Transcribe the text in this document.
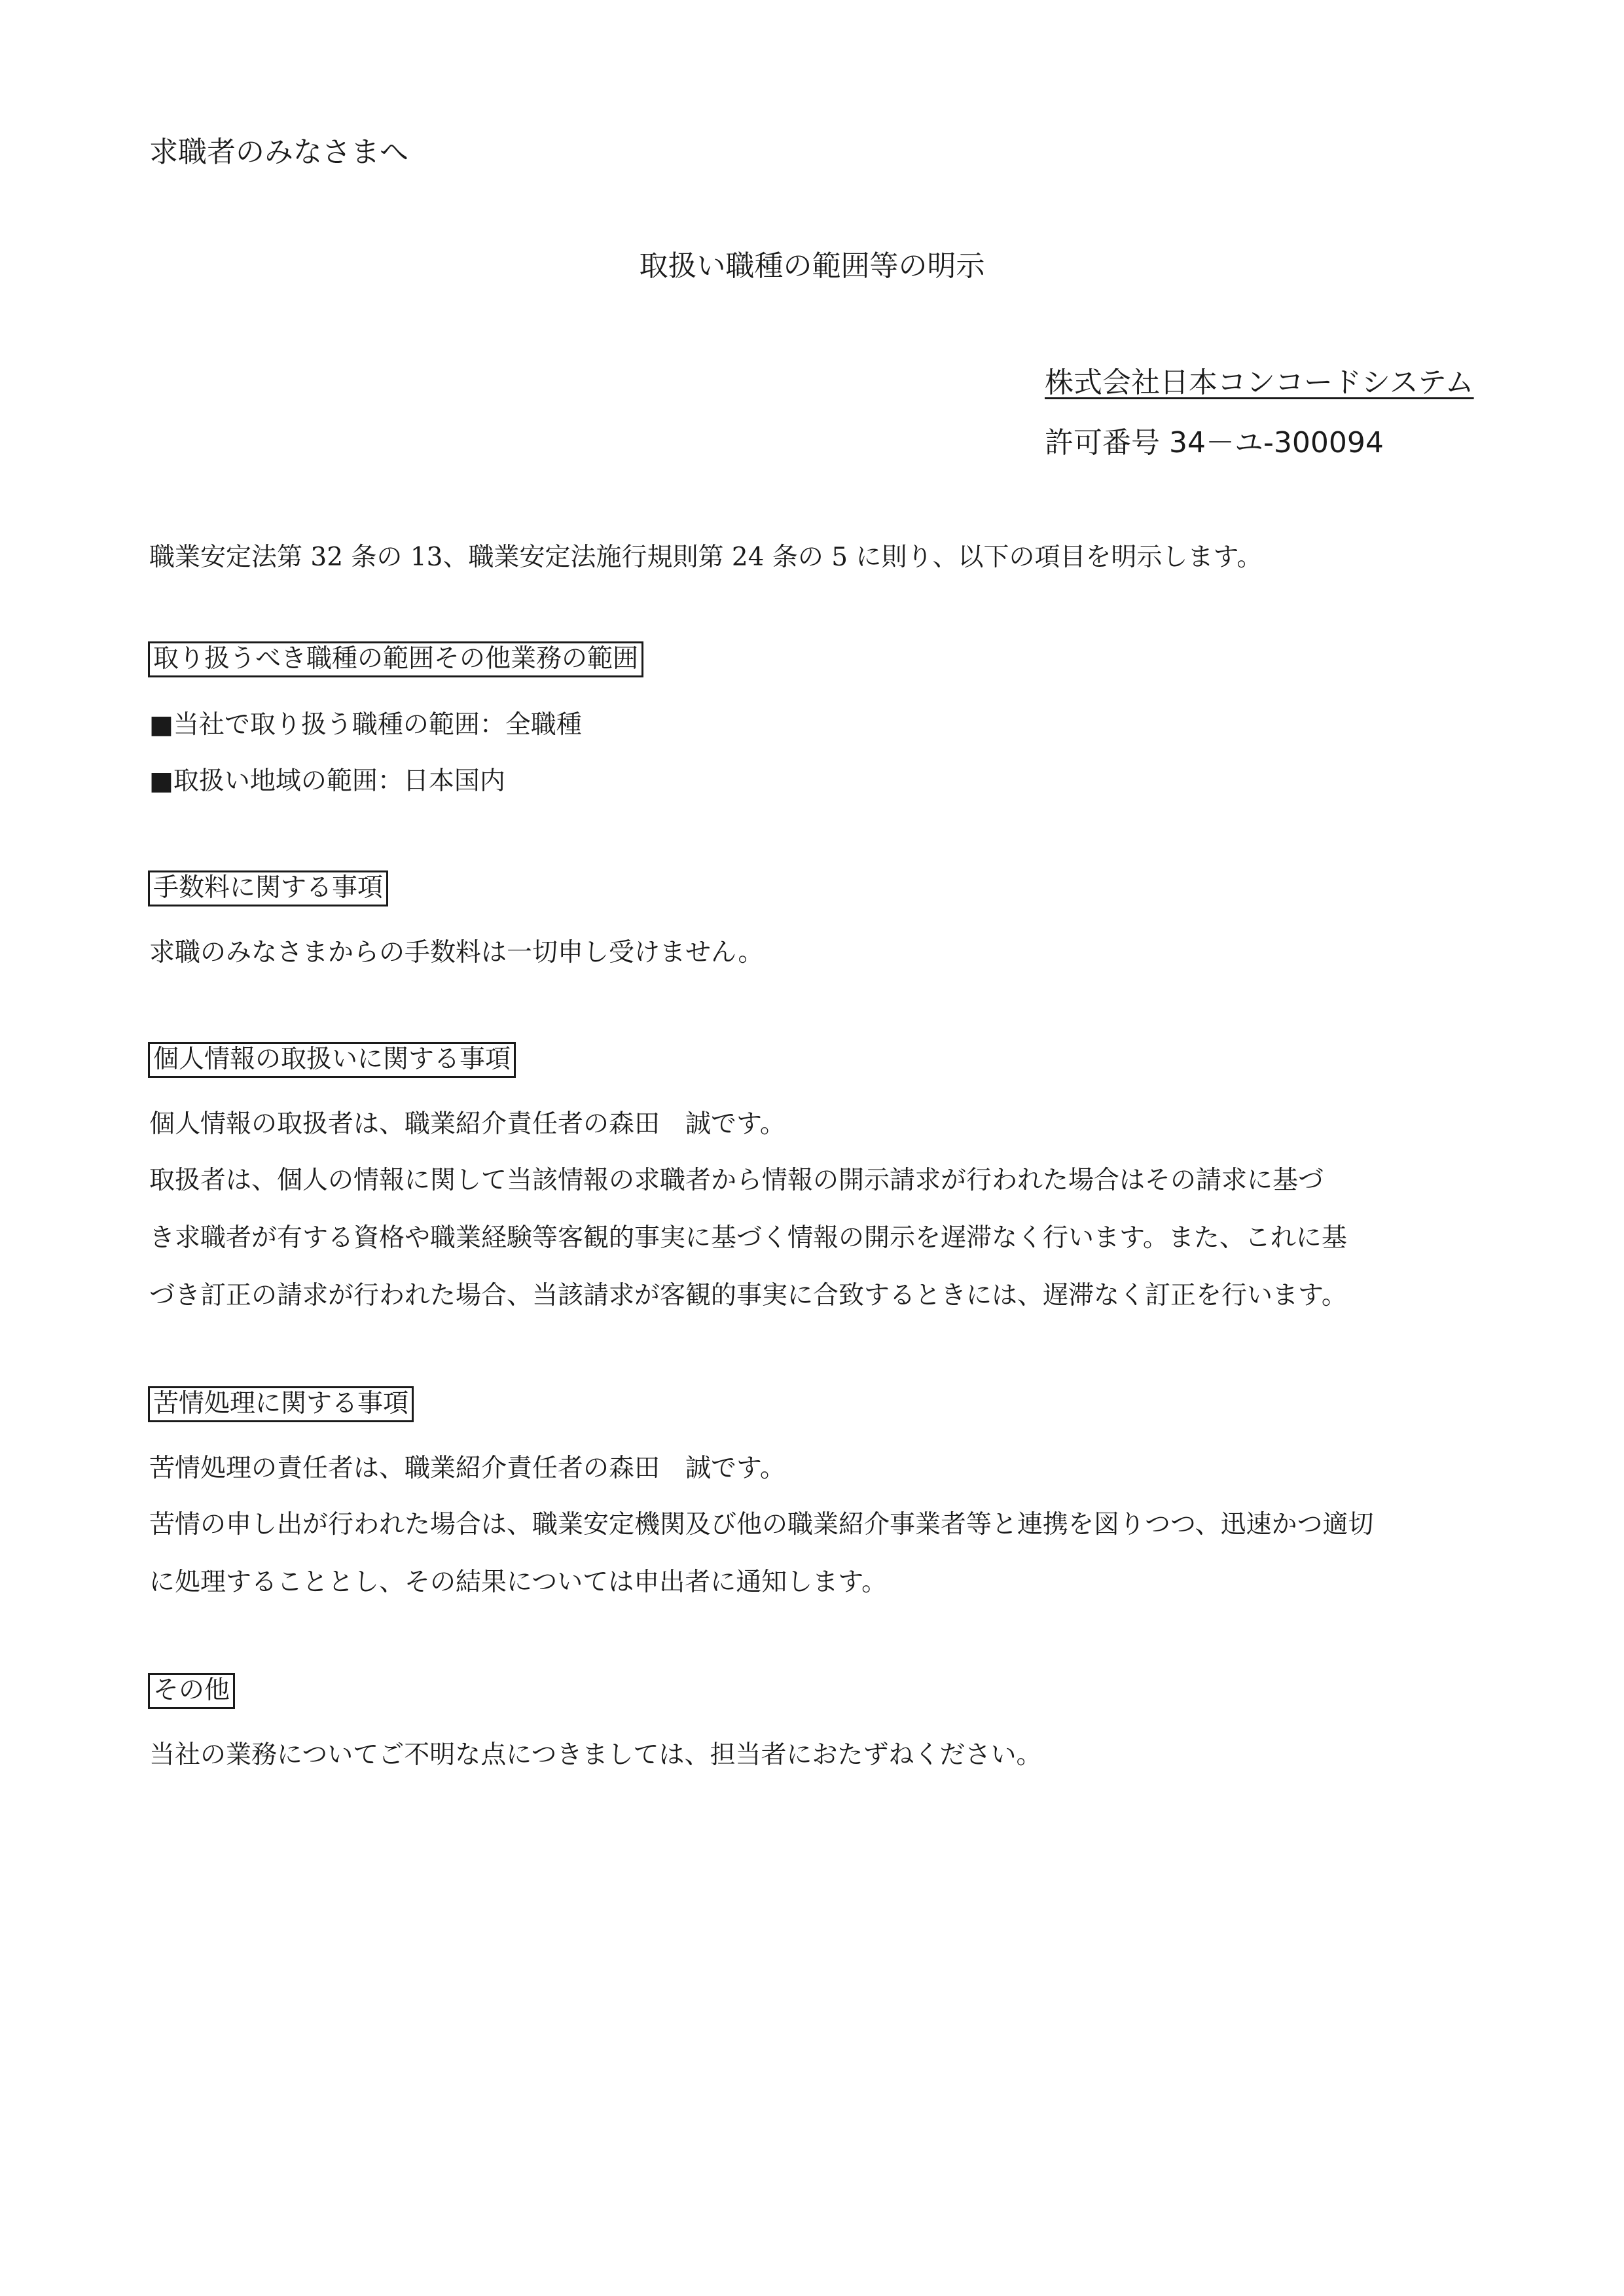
求職者のみなさまへ
取扱い職種の範囲等の明示
株式会社日本コンコードシステム
許可番号 34－ユ-300094
職業安定法第 32 条の 13、職業安定法施行規則第 24 条の 5 に則り、以下の項目を明示します。
取り扱うべき職種の範囲その他業務の範囲
■当社で取り扱う職種の範囲：全職種
■取扱い地域の範囲：日本国内
手数料に関する事項
求職のみなさまからの手数料は一切申し受けません。
個人情報の取扱いに関する事項
個人情報の取扱者は、職業紹介責任者の森田　誠です。
取扱者は、個人の情報に関して当該情報の求職者から情報の開示請求が行われた場合はその請求に基づ
き求職者が有する資格や職業経験等客観的事実に基づく情報の開示を遅滞なく行います。また、これに基
づき訂正の請求が行われた場合、当該請求が客観的事実に合致するときには、遅滞なく訂正を行います。
苦情処理に関する事項
苦情処理の責任者は、職業紹介責任者の森田　誠です。
苦情の申し出が行われた場合は、職業安定機関及び他の職業紹介事業者等と連携を図りつつ、迅速かつ適切
に処理することとし、その結果については申出者に通知します。
その他
当社の業務についてご不明な点につきましては、担当者におたずねください。
